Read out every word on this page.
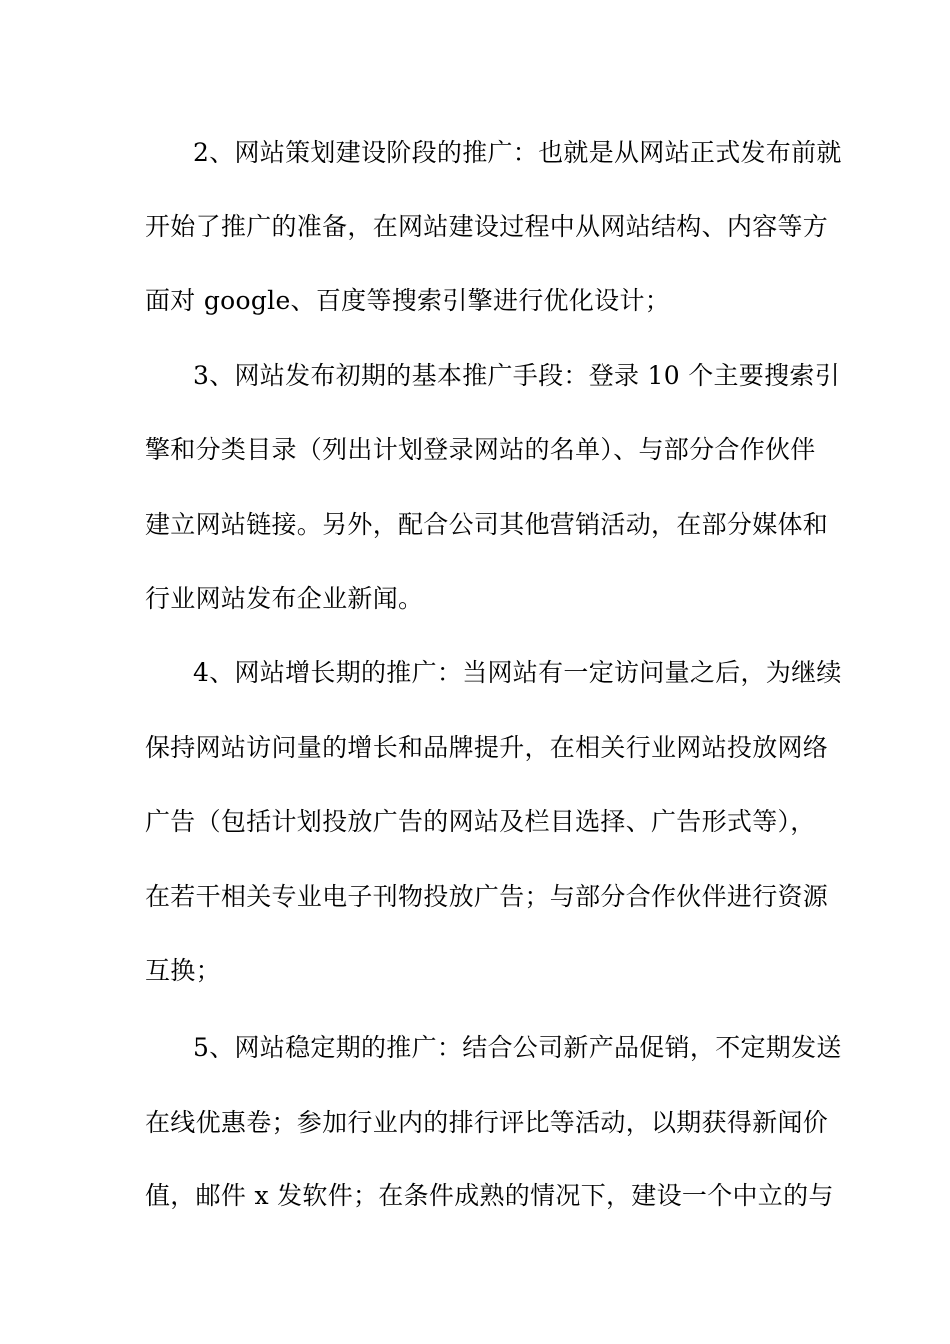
2、网站策划建设阶段的推广：也就是从网站正式发布前就
开始了推广的准备，在网站建设过程中从网站结构、内容等方
面对 google、百度等搜索引擎进行优化设计；
3、网站发布初期的基本推广手段：登录 10 个主要搜索引
擎和分类目录（列出计划登录网站的名单）、与部分合作伙伴
建立网站链接。另外，配合公司其他营销活动，在部分媒体和
行业网站发布企业新闻。
4、网站增长期的推广：当网站有一定访问量之后，为继续
保持网站访问量的增长和品牌提升，在相关行业网站投放网络
广告（包括计划投放广告的网站及栏目选择、广告形式等），
在若干相关专业电子刊物投放广告；与部分合作伙伴进行资源
互换；
5、网站稳定期的推广：结合公司新产品促销，不定期发送
在线优惠卷；参加行业内的排行评比等活动，以期获得新闻价
值，邮件 x 发软件；在条件成熟的情况下，建设一个中立的与
